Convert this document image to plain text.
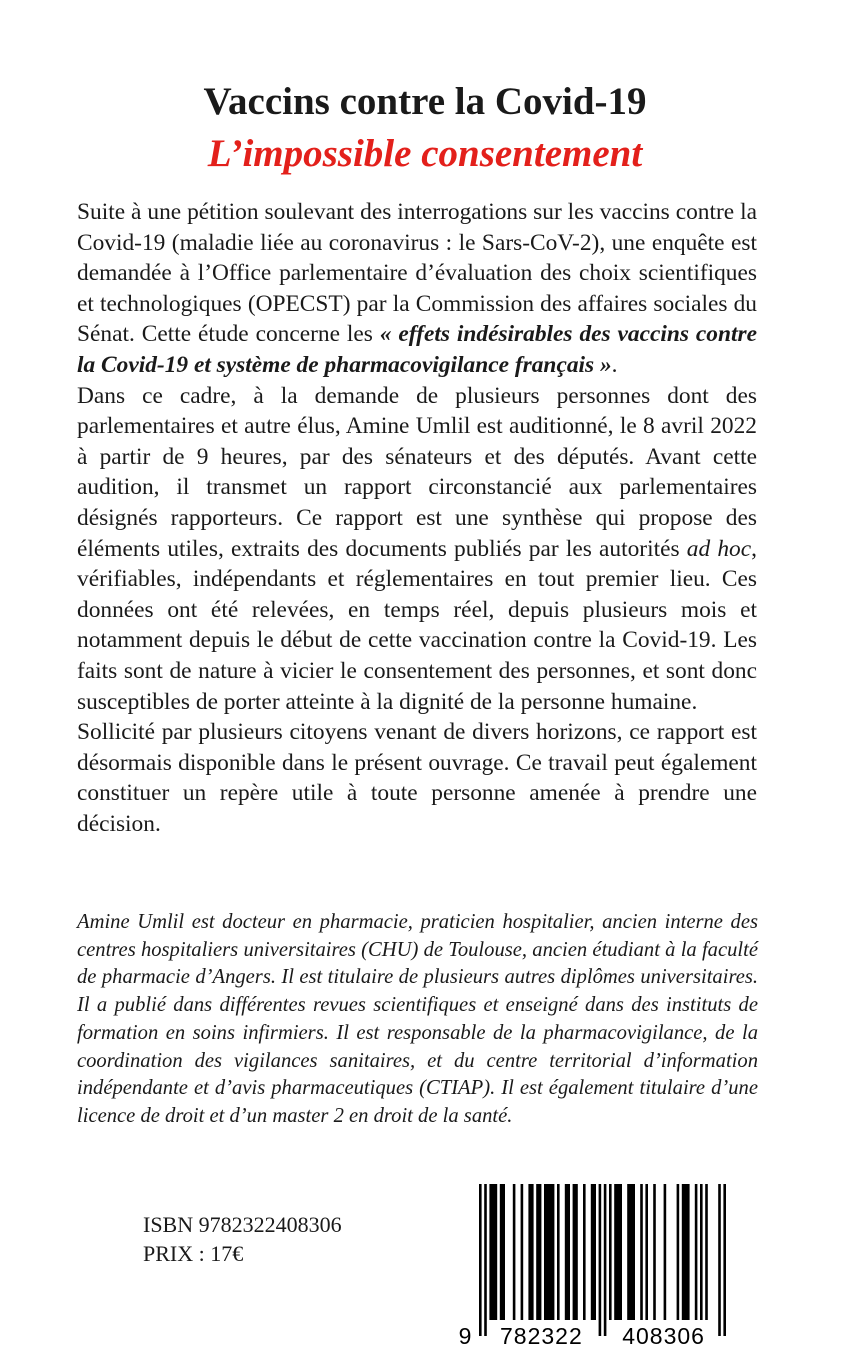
Vaccins contre la Covid-19
L’impossible consentement

Suite à une pétition soulevant des interrogations sur les vaccins contre la Covid-19 (maladie liée au coronavirus : le Sars-CoV-2), une enquête est demandée à l’Office parlementaire d’évaluation des choix scientifiques et technologiques (OPECST) par la Commission des affaires sociales du Sénat. Cette étude concerne les « effets indésirables des vaccins contre la Covid-19 et système de pharmacovigilance français ».

Dans ce cadre, à la demande de plusieurs personnes dont des parlementaires et autre élus, Amine Umlil est auditionné, le 8 avril 2022 à partir de 9 heures, par des sénateurs et des députés. Avant cette audition, il transmet un rapport circonstancié aux parlementaires désignés rapporteurs. Ce rapport est une synthèse qui propose des éléments utiles, extraits des documents publiés par les autorités ad hoc, vérifiables, indépendants et réglementaires en tout premier lieu. Ces données ont été relevées, en temps réel, depuis plusieurs mois et notamment depuis le début de cette vaccination contre la Covid-19. Les faits sont de nature à vicier le consentement des personnes, et sont donc susceptibles de porter atteinte à la dignité de la personne humaine.

Sollicité par plusieurs citoyens venant de divers horizons, ce rapport est désormais disponible dans le présent ouvrage. Ce travail peut également constituer un repère utile à toute personne amenée à prendre une décision.

Amine Umlil est docteur en pharmacie, praticien hospitalier, ancien interne des centres hospitaliers universitaires (CHU) de Toulouse, ancien étudiant à la faculté de pharmacie d’Angers. Il est titulaire de plusieurs autres diplômes universitaires. Il a publié dans différentes revues scientifiques et enseigné dans des instituts de formation en soins infirmiers. Il est responsable de la pharmacovigilance, de la coordination des vigilances sanitaires, et du centre territorial d’information indépendante et d’avis pharmaceutiques (CTIAP). Il est également titulaire d’une licence de droit et d’un master 2 en droit de la santé.
ISBN 9782322408306
PRIX : 17€
9 782322 408306
